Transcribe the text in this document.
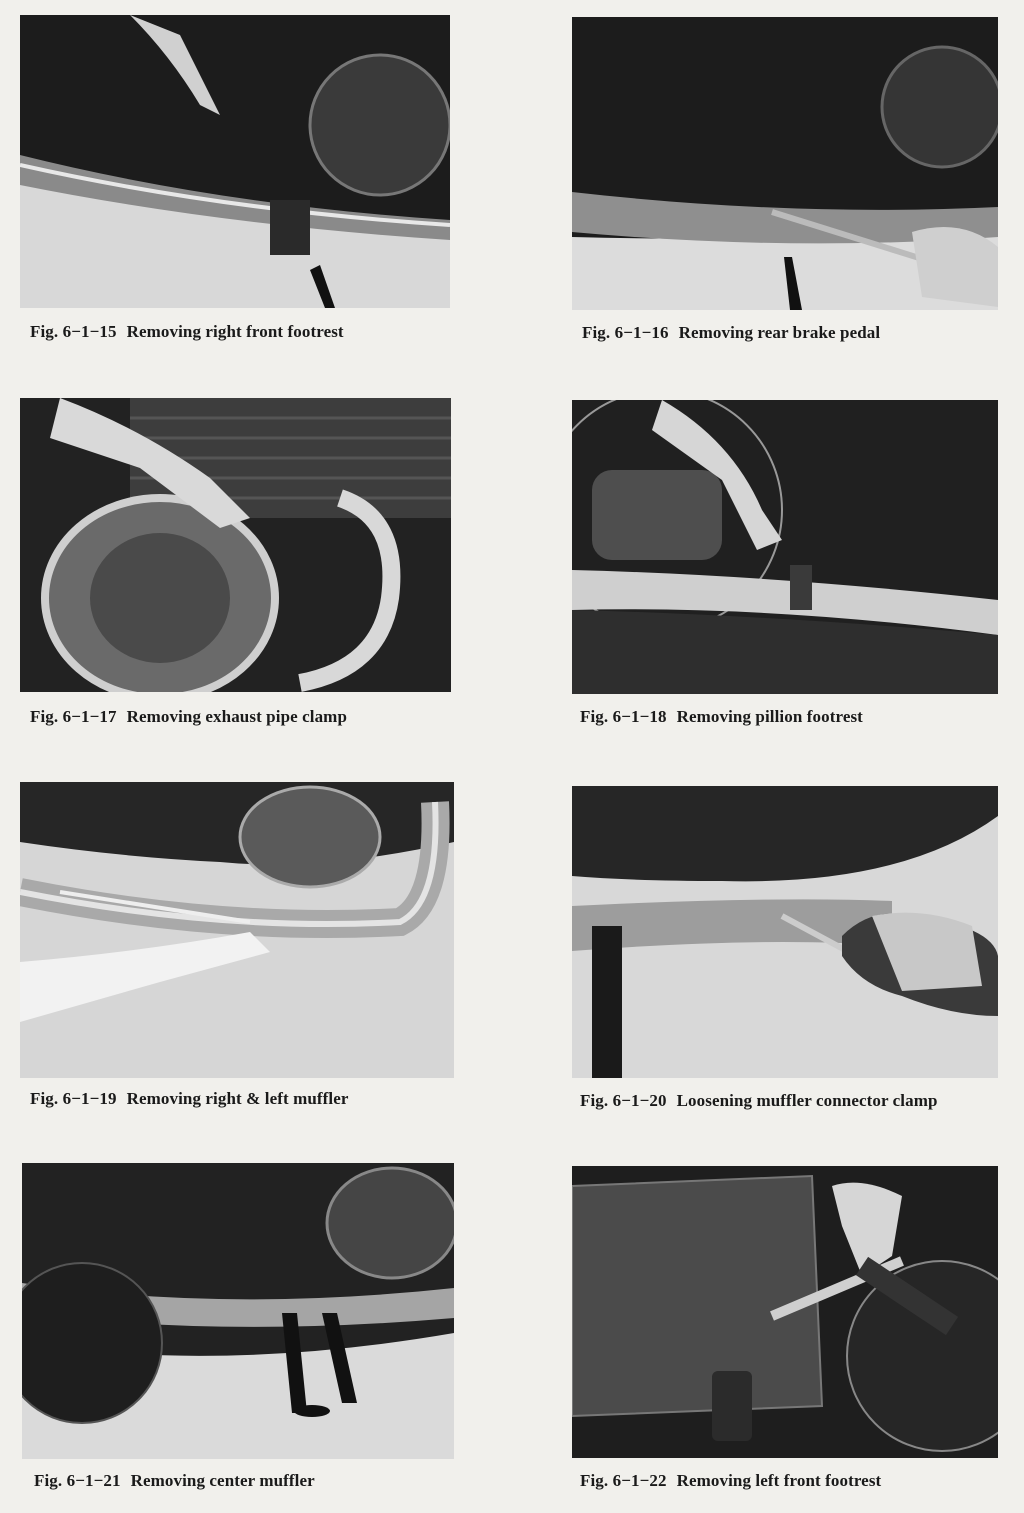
Fig. 6−1−15 Removing right front footrest	Fig. 6−1−16 Removing rear brake pedal
Fig. 6−1−17 Removing exhaust pipe clamp	Fig. 6−1−18 Removing pillion footrest
Fig. 6−1−19 Removing right & left muffler	Fig. 6−1−20 Loosening muffler connector clamp
Fig. 6−1−21 Removing center muffler	Fig. 6−1−22 Removing left front footrest
